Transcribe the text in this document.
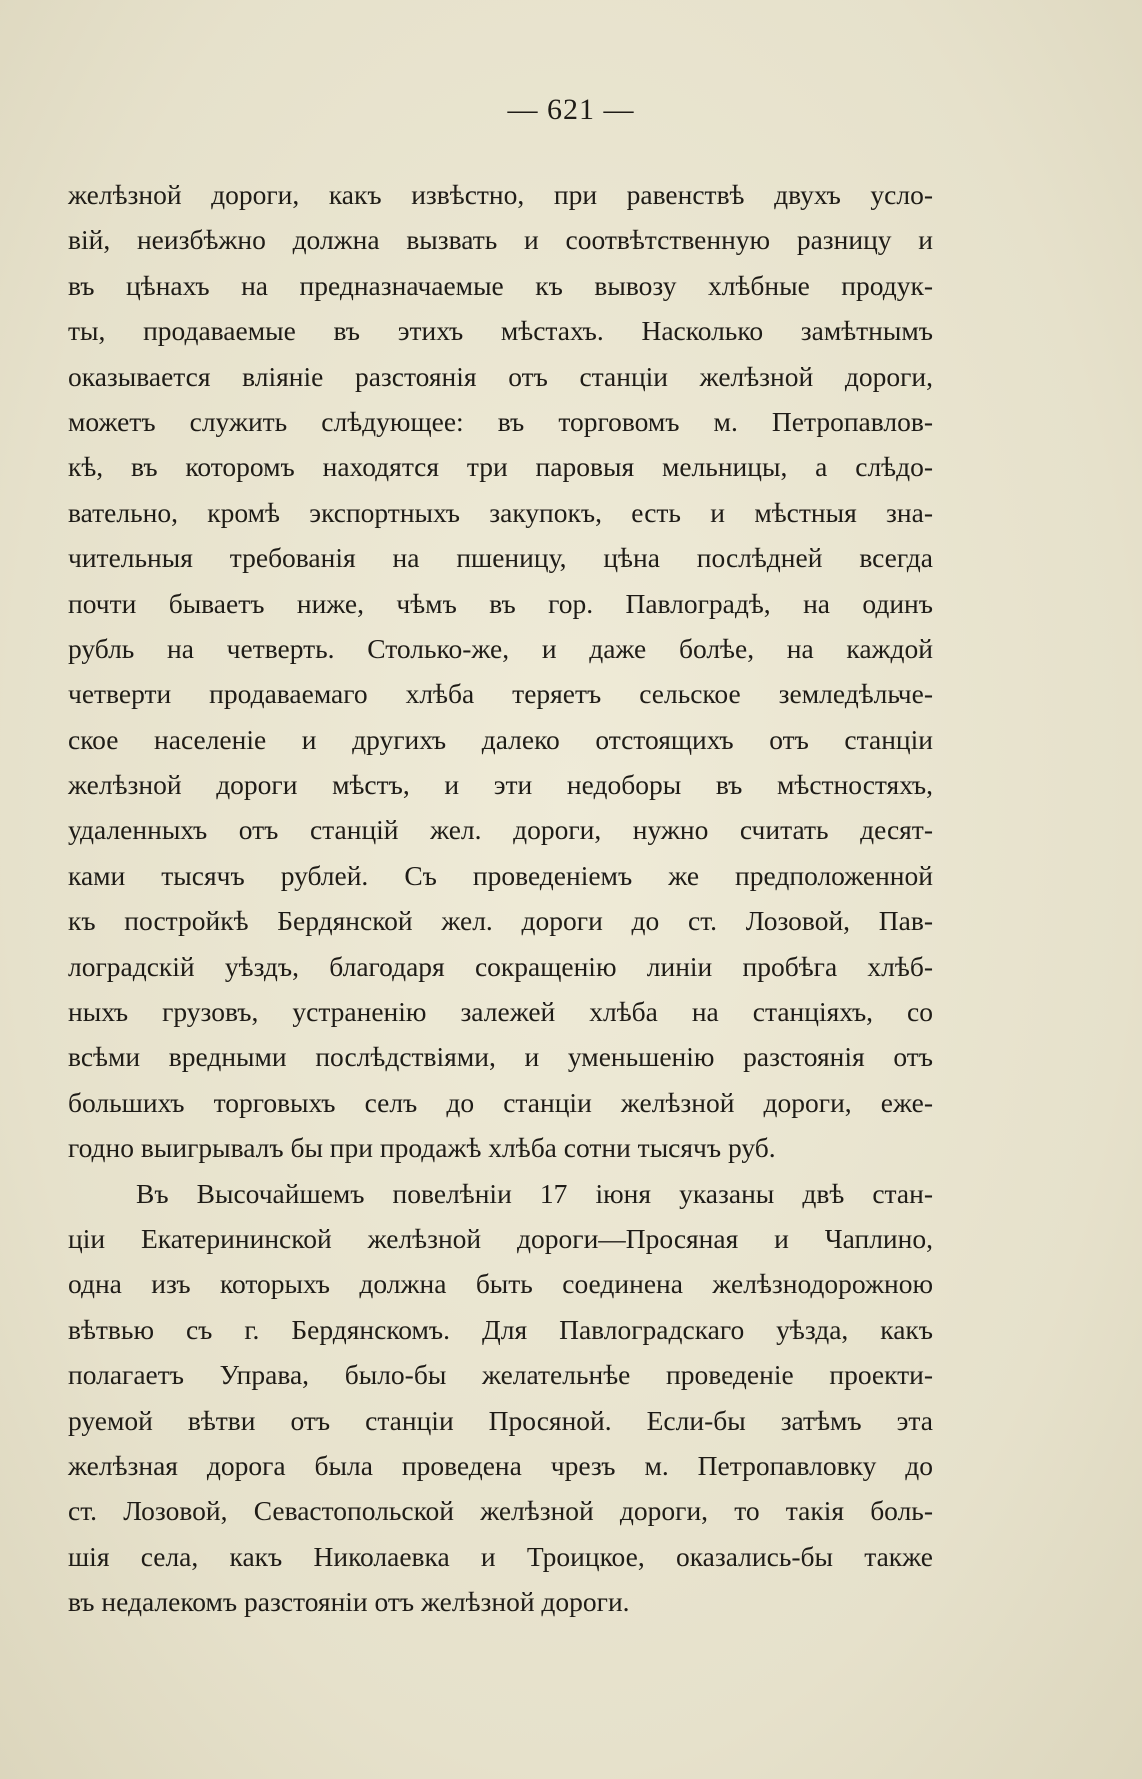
— 621 —
желѣзной дороги, какъ извѣстно, при равенствѣ двухъ усло-
вій, неизбѣжно должна вызвать и соотвѣтственную разницу и
въ цѣнахъ на предназначаемые къ вывозу хлѣбные продук-
ты, продаваемые въ этихъ мѣстахъ. Насколько замѣтнымъ
оказывается вліяніе разстоянія отъ станціи желѣзной дороги,
можетъ служить слѣдующее: въ торговомъ м. Петропавлов-
кѣ, въ которомъ находятся три паровыя мельницы, а слѣдо-
вательно, кромѣ экспортныхъ закупокъ, есть и мѣстныя зна-
чительныя требованія на пшеницу, цѣна послѣдней всегда
почти бываетъ ниже, чѣмъ въ гор. Павлоградѣ, на одинъ
рубль на четверть. Столько-же, и даже болѣе, на каждой
четверти продаваемаго хлѣба теряетъ сельское земледѣльче-
ское населеніе и другихъ далеко отстоящихъ отъ станціи
желѣзной дороги мѣстъ, и эти недоборы въ мѣстностяхъ,
удаленныхъ отъ станцій жел. дороги, нужно считать десят-
ками тысячъ рублей. Съ проведеніемъ же предположенной
къ постройкѣ Бердянской жел. дороги до ст. Лозовой, Пав-
лоградскій уѣздъ, благодаря сокращенію линіи пробѣга хлѣб-
ныхъ грузовъ, устраненію залежей хлѣба на станціяхъ, со
всѣми вредными послѣдствіями, и уменьшенію разстоянія отъ
большихъ торговыхъ селъ до станціи желѣзной дороги, еже-
годно выигрывалъ бы при продажѣ хлѣба сотни тысячъ руб.
Въ Высочайшемъ повелѣніи 17 іюня указаны двѣ стан-
ціи Екатерининской желѣзной дороги—Просяная и Чаплино,
одна изъ которыхъ должна быть соединена желѣзнодорожною
вѣтвью съ г. Бердянскомъ. Для Павлоградскаго уѣзда, какъ
полагаетъ Управа, было-бы желательнѣе проведеніе проекти-
руемой вѣтви отъ станціи Просяной. Если-бы затѣмъ эта
желѣзная дорога была проведена чрезъ м. Петропавловку до
ст. Лозовой, Севастопольской желѣзной дороги, то такія боль-
шія села, какъ Николаевка и Троицкое, оказались-бы также
въ недалекомъ разстояніи отъ желѣзной дороги.
